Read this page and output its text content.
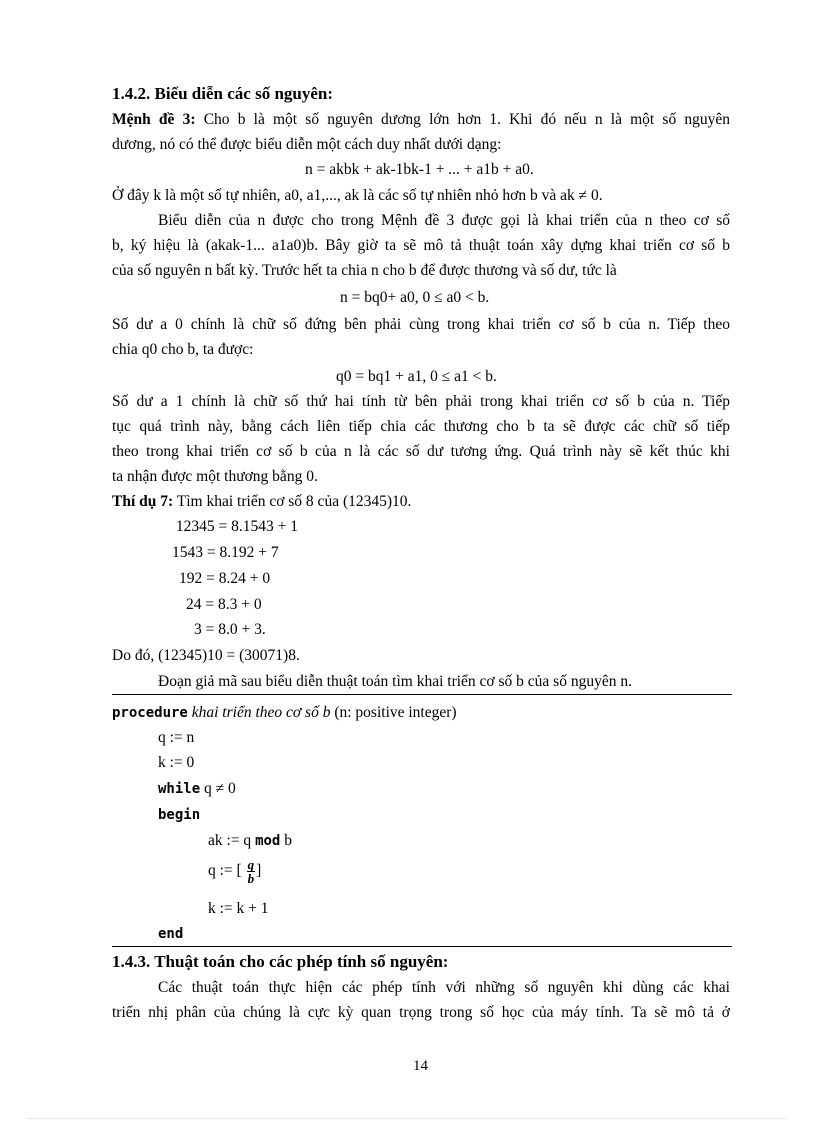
1.4.2. Biểu diễn các số nguyên:
Mệnh đề 3: Cho b là một số nguyên dương lớn hơn 1. Khi đó nếu n là một số nguyên
dương, nó có thể được biểu diễn một cách duy nhất dưới dạng:
n = akbk + ak-1bk-1 + ... + a1b + a0.
Ở đây k là một số tự nhiên, a0, a1,..., ak là các số tự nhiên nhỏ hơn b và ak ≠ 0.
Biểu diễn của n được cho trong Mệnh đề 3 được gọi là khai triển của n theo cơ số
b, ký hiệu là (akak-1... a1a0)b. Bây giờ ta sẽ mô tả thuật toán xây dựng khai triển cơ số b
của số nguyên n bất kỳ. Trước hết ta chia n cho b để được thương và số dư, tức là
n = bq0+ a0, 0 ≤ a0 < b.
Số dư a 0 chính là chữ số đứng bên phải cùng trong khai triển cơ số b của n. Tiếp theo
chia q0 cho b, ta được:
q0 = bq1 + a1, 0 ≤ a1 < b.
Số dư a 1 chính là chữ số thứ hai tính từ bên phải trong khai triển cơ số b của n. Tiếp
tục quá trình này, bằng cách liên tiếp chia các thương cho b ta sẽ được các chữ số tiếp
theo trong khai triển cơ số b của n là các số dư tương ứng. Quá trình này sẽ kết thúc khi
ta nhận được một thương bằng 0.
Thí dụ 7: Tìm khai triển cơ số 8 của (12345)10.
12345 = 8.1543 + 1
1543 = 8.192 + 7
192 = 8.24 + 0
24 = 8.3 + 0
3 = 8.0 + 3.
Do đó, (12345)10 = (30071)8.
Đoạn giả mã sau biểu diễn thuật toán tìm khai triển cơ số b của số nguyên n.
procedure khai triển theo cơ số b (n: positive integer)
q := n
k := 0
while q ≠ 0
begin
ak := q mod b
q := [ $\frac{q}{b}$ ]
k := k + 1
end
1.4.3. Thuật toán cho các phép tính số nguyên:
Các thuật toán thực hiện các phép tính với những số nguyên khi dùng các khai
triển nhị phân của chúng là cực kỳ quan trọng trong số học của máy tính. Ta sẽ mô tả ở
14
